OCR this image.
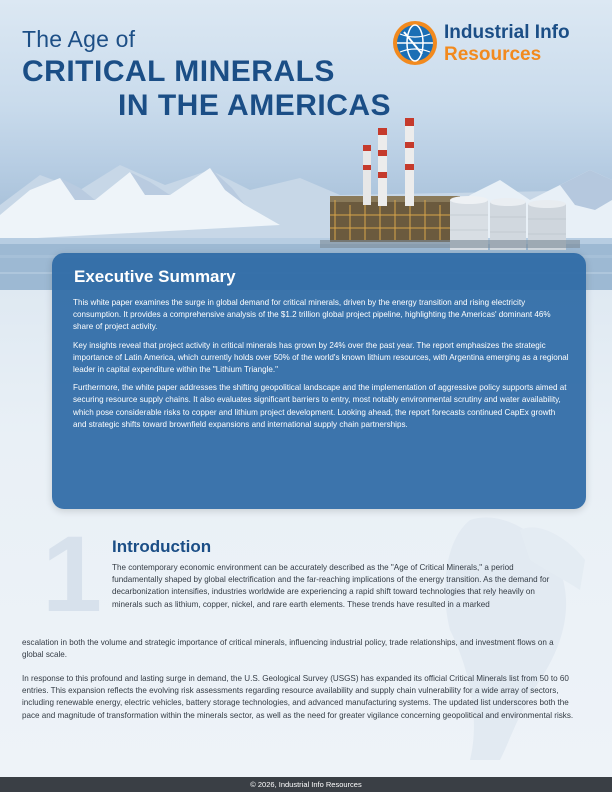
The Age of
CRITICAL MINERALS
IN THE AMERICAS
Industrial Info
Resources
Executive Summary

This white paper examines the surge in global demand for critical minerals, driven by the energy transition and rising electricity consumption. It provides a comprehensive analysis of the $1.2 trillion global project pipeline, highlighting the Americas' dominant 46% share of project activity.

Key insights reveal that project activity in critical minerals has grown by 24% over the past year. The report emphasizes the strategic importance of Latin America, which currently holds over 50% of the world's known lithium resources, with Argentina emerging as a regional leader in capital expenditure within the "Lithium Triangle."

Furthermore, the white paper addresses the shifting geopolitical landscape and the implementation of aggressive policy supports aimed at securing resource supply chains. It also evaluates significant barriers to entry, most notably environmental scrutiny and water availability, which pose considerable risks to copper and lithium project development. Looking ahead, the report forecasts continued CapEx growth and strategic shifts toward brownfield expansions and international supply chain partnerships.

1 Introduction

The contemporary economic environment can be accurately described as the "Age of Critical Minerals," a period fundamentally shaped by global electrification and the far-reaching implications of the energy transition. As the demand for decarbonization intensifies, industries worldwide are experiencing a rapid shift toward technologies that rely heavily on minerals such as lithium, copper, nickel, and rare earth elements. These trends have resulted in a marked

escalation in both the volume and strategic importance of critical minerals, influencing industrial policy, trade relationships, and investment flows on a global scale.

In response to this profound and lasting surge in demand, the U.S. Geological Survey (USGS) has expanded its official Critical Minerals list from 50 to 60 entries. This expansion reflects the evolving risk assessments regarding resource availability and supply chain vulnerability for a wide array of sectors, including renewable energy, electric vehicles, battery storage technologies, and advanced manufacturing systems. The updated list underscores both the pace and magnitude of transformation within the minerals sector, as well as the need for greater vigilance concerning geopolitical and environmental risks.

© 2026, Industrial Info Resources
